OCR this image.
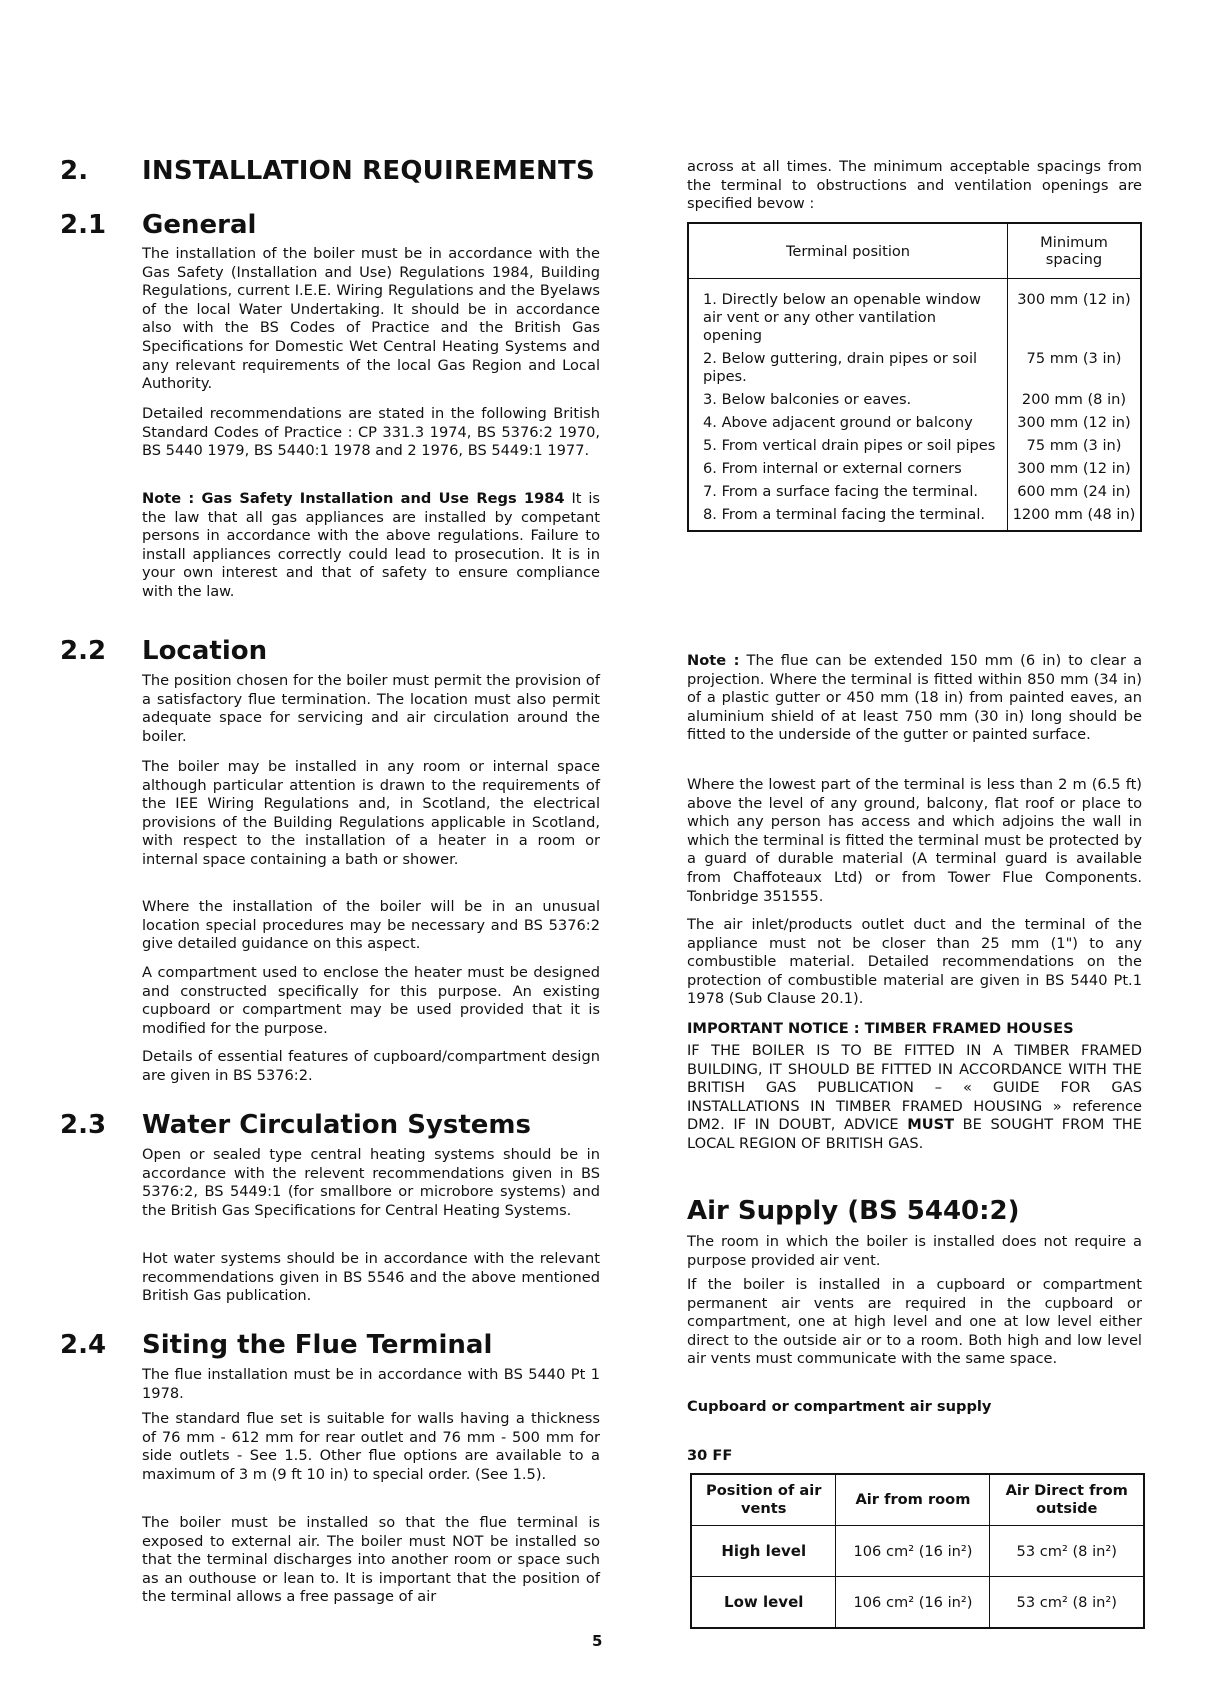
2. INSTALLATION REQUIREMENTS
2.1 General

The installation of the boiler must be in accordance with the Gas Safety (Installation and Use) Regulations 1984, Building Regulations, current I.E.E. Wiring Regulations and the Byelaws of the local Water Undertaking. It should be in accordance also with the BS Codes of Practice and the British Gas Specifications for Domestic Wet Central Heating Systems and any relevant requirements of the local Gas Region and Local Authority.

Detailed recommendations are stated in the following British Standard Codes of Practice : CP 331.3 1974, BS 5376:2 1970, BS 5440 1979, BS 5440:1 1978 and 2 1976, BS 5449:1 1977.

Note : Gas Safety Installation and Use Regs 1984 It is the law that all gas appliances are installed by competant persons in accordance with the above regulations. Failure to install appliances correctly could lead to prosecution. It is in your own interest and that of safety to ensure compliance with the law.

2.2 Location

The position chosen for the boiler must permit the provision of a satisfactory flue termination. The location must also permit adequate space for servicing and air circulation around the boiler.

The boiler may be installed in any room or internal space although particular attention is drawn to the requirements of the IEE Wiring Regulations and, in Scotland, the electrical provisions of the Building Regulations applicable in Scotland, with respect to the installation of a heater in a room or internal space containing a bath or shower.

Where the installation of the boiler will be in an unusual location special procedures may be necessary and BS 5376:2 give detailed guidance on this aspect.

A compartment used to enclose the heater must be designed and constructed specifically for this purpose. An existing cupboard or compartment may be used provided that it is modified for the purpose.

Details of essential features of cupboard/compartment design are given in BS 5376:2.

2.3 Water Circulation Systems

Open or sealed type central heating systems should be in accordance with the relevent recommendations given in BS 5376:2, BS 5449:1 (for smallbore or microbore systems) and the British Gas Specifications for Central Heating Systems.

Hot water systems should be in accordance with the relevant recommendations given in BS 5546 and the above mentioned British Gas publication.

2.4 Siting the Flue Terminal

The flue installation must be in accordance with BS 5440 Pt 1 1978.

The standard flue set is suitable for walls having a thickness of 76 mm - 612 mm for rear outlet and 76 mm - 500 mm for side outlets - See 1.5. Other flue options are available to a maximum of 3 m (9 ft 10 in) to special order. (See 1.5).

The boiler must be installed so that the flue terminal is exposed to external air. The boiler must NOT be installed so that the terminal discharges into another room or space such as an outhouse or lean to. It is important that the position of the terminal allows a free passage of air

across at all times. The minimum acceptable spacings from the terminal to obstructions and ventilation openings are specified bevow :

Terminal position	Minimum spacing
1. Directly below an openable window air vent or any other vantilation opening	300 mm (12 in)
2. Below guttering, drain pipes or soil pipes.	75 mm (3 in)
3. Below balconies or eaves.	200 mm (8 in)
4. Above adjacent ground or balcony	300 mm (12 in)
5. From vertical drain pipes or soil pipes	75 mm (3 in)
6. From internal or external corners	300 mm (12 in)
7. From a surface facing the terminal.	600 mm (24 in)
8. From a terminal facing the terminal.	1200 mm (48 in)

Note : The flue can be extended 150 mm (6 in) to clear a projection. Where the terminal is fitted within 850 mm (34 in) of a plastic gutter or 450 mm (18 in) from painted eaves, an aluminium shield of at least 750 mm (30 in) long should be fitted to the underside of the gutter or painted surface.

Where the lowest part of the terminal is less than 2 m (6.5 ft) above the level of any ground, balcony, flat roof or place to which any person has access and which adjoins the wall in which the terminal is fitted the terminal must be protected by a guard of durable material (A terminal guard is available from Chaffoteaux Ltd) or from Tower Flue Components. Tonbridge 351555.

The air inlet/products outlet duct and the terminal of the appliance must not be closer than 25 mm (1") to any combustible material. Detailed recommendations on the protection of combustible material are given in BS 5440 Pt.1 1978 (Sub Clause 20.1).

IMPORTANT NOTICE : TIMBER FRAMED HOUSES

IF THE BOILER IS TO BE FITTED IN A TIMBER FRAMED BUILDING, IT SHOULD BE FITTED IN ACCORDANCE WITH THE BRITISH GAS PUBLICATION – « GUIDE FOR GAS INSTALLATIONS IN TIMBER FRAMED HOUSING » reference DM2. IF IN DOUBT, ADVICE MUST BE SOUGHT FROM THE LOCAL REGION OF BRITISH GAS.

Air Supply (BS 5440:2)

The room in which the boiler is installed does not require a purpose provided air vent.

If the boiler is installed in a cupboard or compartment permanent air vents are required in the cupboard or compartment, one at high level and one at low level either direct to the outside air or to a room. Both high and low level air vents must communicate with the same space.

Cupboard or compartment air supply
30 FF
Position of air vents	Air from room	Air Direct from outside
High level	106 cm² (16 in²)	53 cm² (8 in²)
Low level	106 cm² (16 in²)	53 cm² (8 in²)
5
